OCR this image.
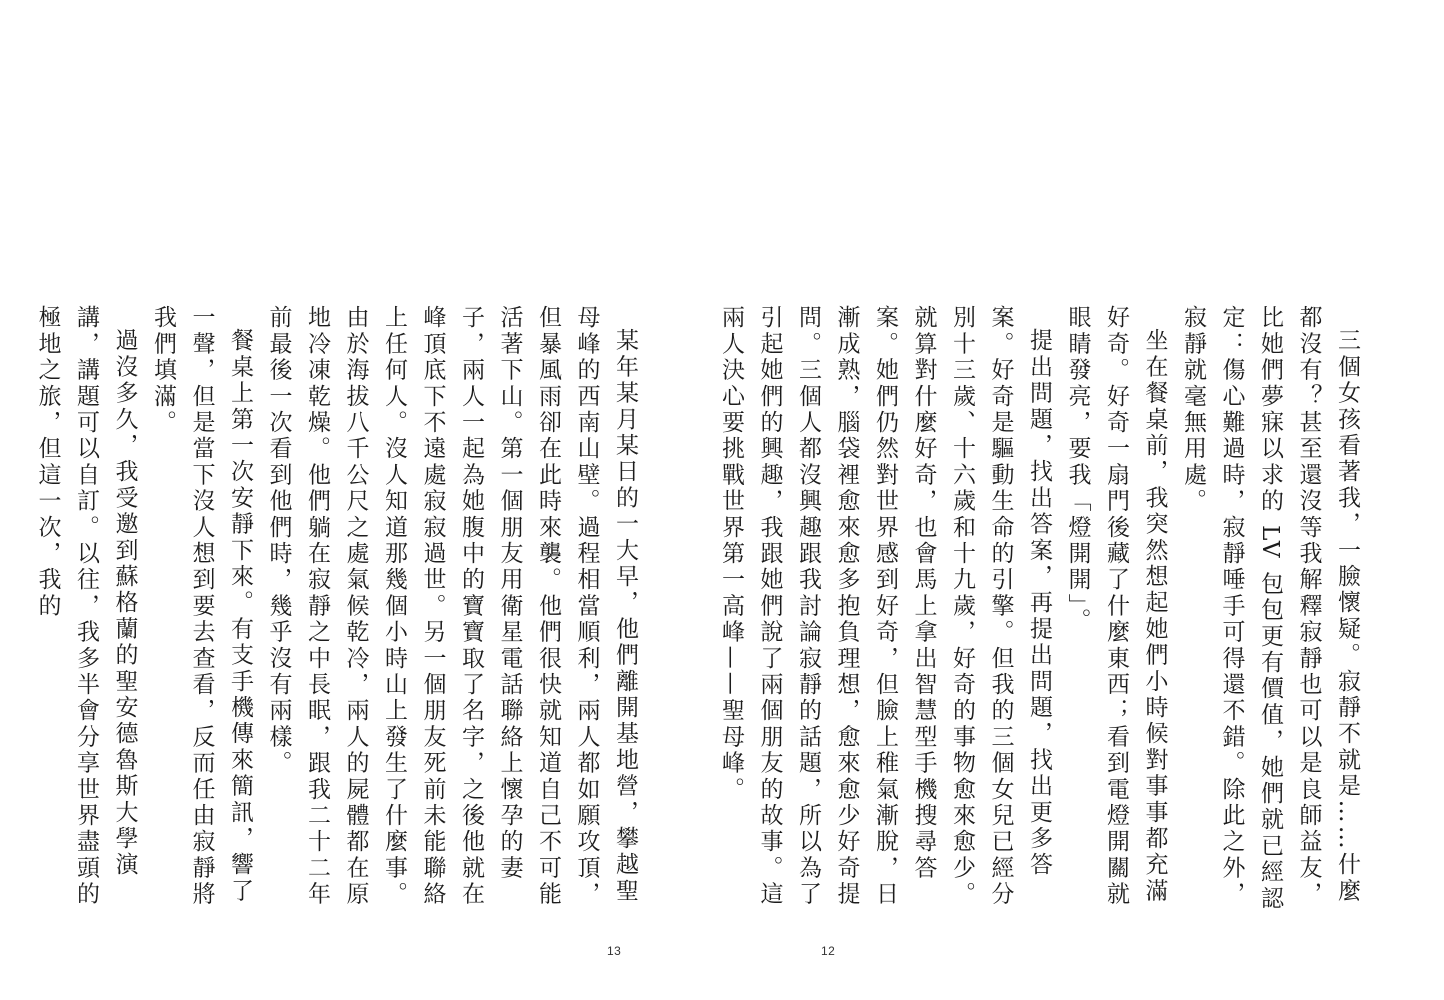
某年某月某日的一大早，他們離開基地營，攀越聖母峰的西南山壁。過程相當順利，兩人都如願攻頂，但暴風雨卻在此時來襲。他們很快就知道自己不可能活著下山。第一個朋友用衛星電話聯絡上懷孕的妻子，兩人一起為她腹中的寶寶取了名字，之後他就在峰頂底下不遠處寂寂過世。另一個朋友死前未能聯絡上任何人。沒人知道那幾個小時山上發生了什麼事。由於海拔八千公尺之處氣候乾冷，兩人的屍體都在原地冷凍乾燥。他們躺在寂靜之中長眠，跟我二十二年前最後一次看到他們時，幾乎沒有兩樣。

餐桌上第一次安靜下來。有支手機傳來簡訊，響了一聲，但是當下沒人想到要去查看，反而任由寂靜將我們填滿。

過沒多久，我受邀到蘇格蘭的聖安德魯斯大學演講，講題可以自訂。以往，我多半會分享世界盡頭的極地之旅，但這一次，我的

13

三個女孩看著我，一臉懷疑。寂靜不就是……什麼都沒有？甚至還沒等我解釋寂靜也可以是良師益友，比她們夢寐以求的 LV 包包更有價值，她們就已經認定：傷心難過時，寂靜唾手可得還不錯。除此之外，寂靜就毫無用處。

坐在餐桌前，我突然想起她們小時候對事事都充滿好奇。好奇一扇門後藏了什麼東西；看到電燈開關就眼睛發亮，要我「燈開開」。

提出問題，找出答案，再提出問題，找出更多答案。好奇是驅動生命的引擎。但我的三個女兒已經分別十三歲、十六歲和十九歲，好奇的事物愈來愈少。就算對什麼好奇，也會馬上拿出智慧型手機搜尋答案。她們仍然對世界感到好奇，但臉上稚氣漸脫，日漸成熟，腦袋裡愈來愈多抱負理想，愈來愈少好奇提問。三個人都沒興趣跟我討論寂靜的話題，所以為了引起她們的興趣，我跟她們說了兩個朋友的故事。這兩人決心要挑戰世界第一高峰——聖母峰。

12
